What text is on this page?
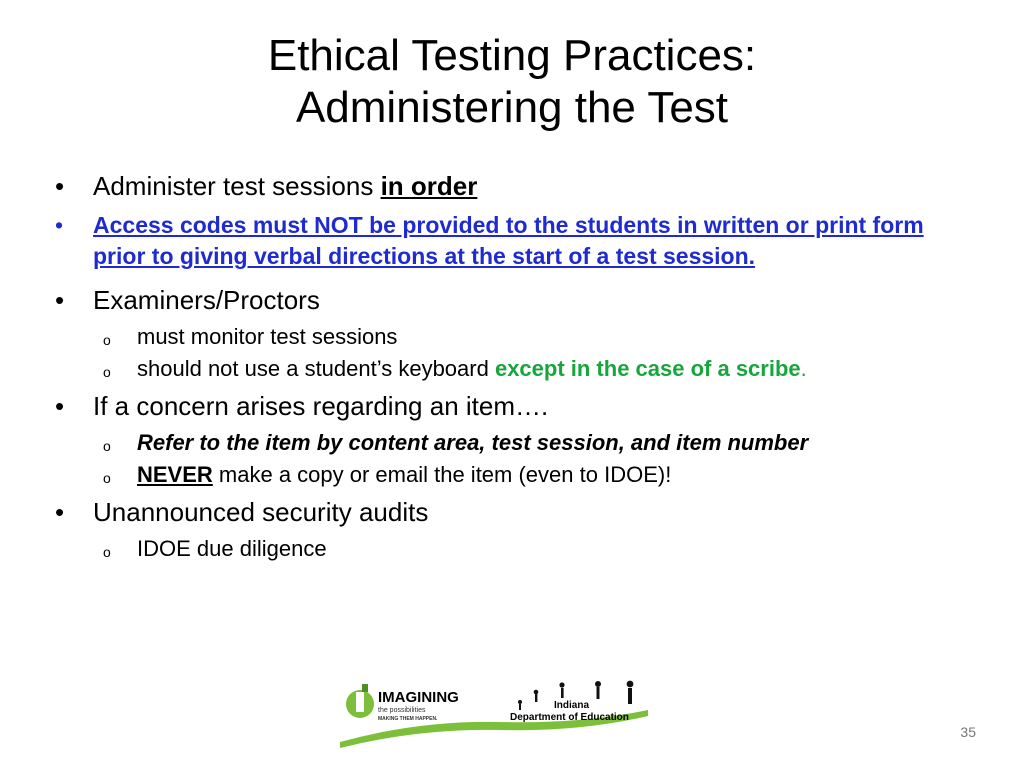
Ethical Testing Practices:
Administering the Test
• Administer test sessions in order
• Access codes must NOT be provided to the students in written or print form prior to giving verbal directions at the start of a test session.
• Examiners/Proctors
o must monitor test sessions
o should not use a student’s keyboard except in the case of a scribe.
• If a concern arises regarding an item….
o Refer to the item by content area, test session, and item number
o NEVER make a copy or email the item (even to IDOE)!
• Unannounced security audits
o IDOE due diligence
IMAGINING
the possibilities
MAKING THEM HAPPEN.
Indiana
Department of Education
35
